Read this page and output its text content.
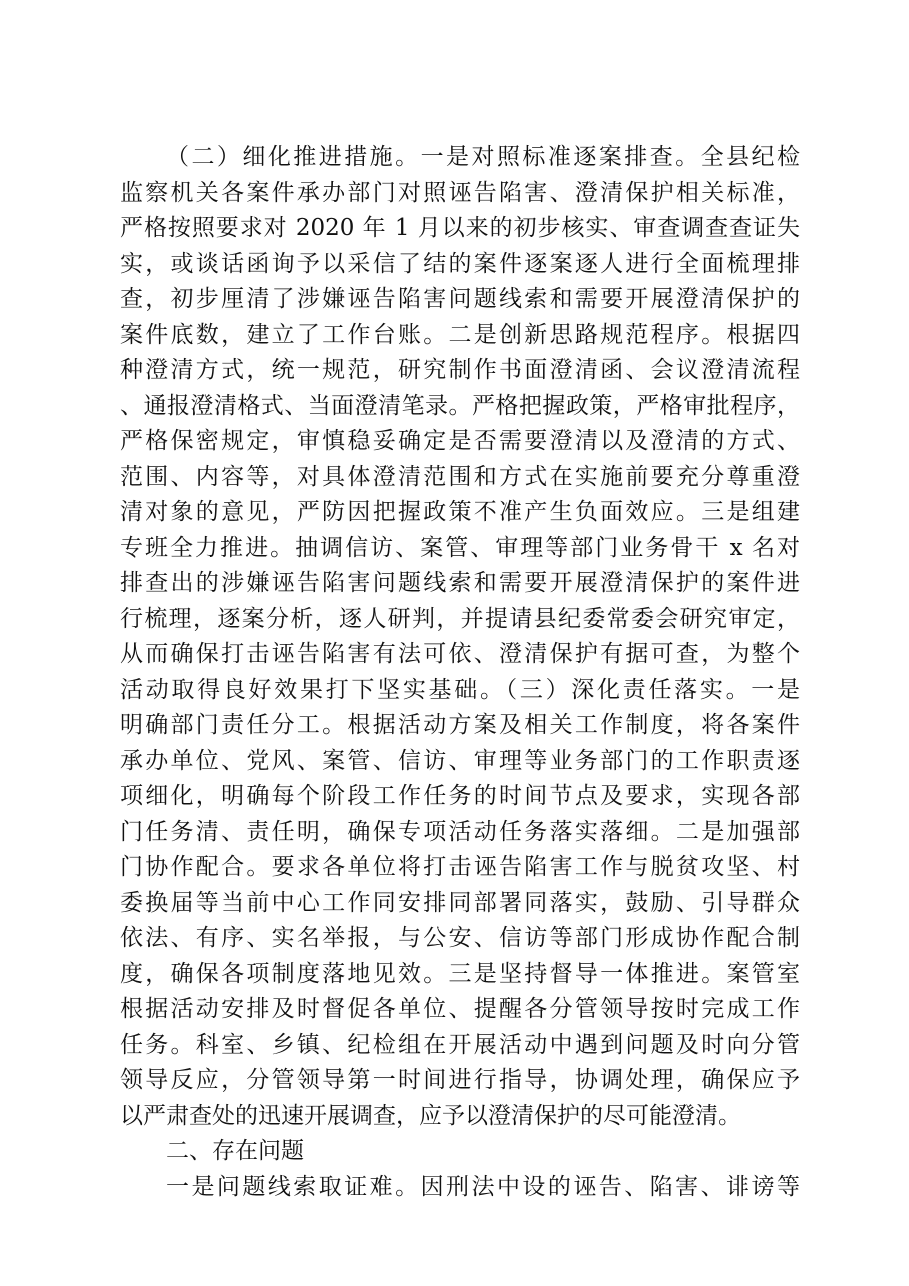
（二）细化推进措施。一是对照标准逐案排查。全县纪检
监察机关各案件承办部门对照诬告陷害、澄清保护相关标准，
严格按照要求对 2020 年 1 月以来的初步核实、审查调查查证失
实，或谈话函询予以采信了结的案件逐案逐人进行全面梳理排
查，初步厘清了涉嫌诬告陷害问题线索和需要开展澄清保护的
案件底数，建立了工作台账。二是创新思路规范程序。根据四
种澄清方式，统一规范，研究制作书面澄清函、会议澄清流程
、通报澄清格式、当面澄清笔录。严格把握政策，严格审批程序，
严格保密规定，审慎稳妥确定是否需要澄清以及澄清的方式、
范围、内容等，对具体澄清范围和方式在实施前要充分尊重澄
清对象的意见，严防因把握政策不准产生负面效应。三是组建
专班全力推进。抽调信访、案管、审理等部门业务骨干 x 名对
排查出的涉嫌诬告陷害问题线索和需要开展澄清保护的案件进
行梳理，逐案分析，逐人研判，并提请县纪委常委会研究审定，
从而确保打击诬告陷害有法可依、澄清保护有据可查，为整个
活动取得良好效果打下坚实基础。（三）深化责任落实。一是
明确部门责任分工。根据活动方案及相关工作制度，将各案件
承办单位、党风、案管、信访、审理等业务部门的工作职责逐
项细化，明确每个阶段工作任务的时间节点及要求，实现各部
门任务清、责任明，确保专项活动任务落实落细。二是加强部
门协作配合。要求各单位将打击诬告陷害工作与脱贫攻坚、村
委换届等当前中心工作同安排同部署同落实，鼓励、引导群众
依法、有序、实名举报，与公安、信访等部门形成协作配合制
度，确保各项制度落地见效。三是坚持督导一体推进。案管室
根据活动安排及时督促各单位、提醒各分管领导按时完成工作
任务。科室、乡镇、纪检组在开展活动中遇到问题及时向分管
领导反应，分管领导第一时间进行指导，协调处理，确保应予
以严肃查处的迅速开展调查，应予以澄清保护的尽可能澄清。
二、存在问题
一是问题线索取证难。因刑法中设的诬告、陷害、诽谤等
